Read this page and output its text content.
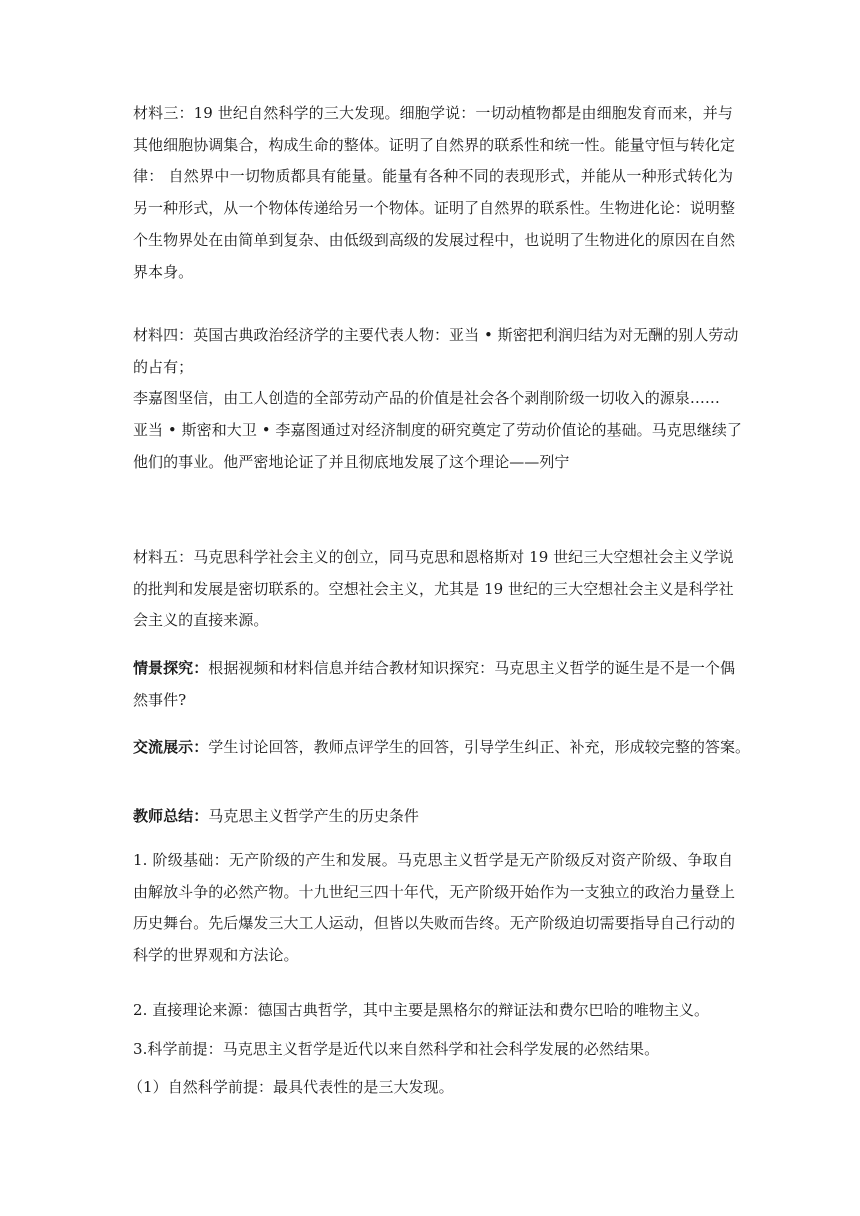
材料三：19 世纪自然科学的三大发现。细胞学说：一切动植物都是由细胞发育而来，并与
其他细胞协调集合，构成生命的整体。证明了自然界的联系性和统一性。能量守恒与转化定
律： 自然界中一切物质都具有能量。能量有各种不同的表现形式，并能从一种形式转化为
另一种形式，从一个物体传递给另一个物体。证明了自然界的联系性。生物进化论：说明整
个生物界处在由简单到复杂、由低级到高级的发展过程中，也说明了生物进化的原因在自然
界本身。
材料四：英国古典政治经济学的主要代表人物：亚当 • 斯密把利润归结为对无酬的别人劳动
的占有；
李嘉图坚信，由工人创造的全部劳动产品的价值是社会各个剥削阶级一切收入的源泉……
亚当 • 斯密和大卫 • 李嘉图通过对经济制度的研究奠定了劳动价值论的基础。马克思继续了
他们的事业。他严密地论证了并且彻底地发展了这个理论——列宁
材料五：马克思科学社会主义的创立，同马克思和恩格斯对 19 世纪三大空想社会主义学说
的批判和发展是密切联系的。空想社会主义，尤其是 19 世纪的三大空想社会主义是科学社
会主义的直接来源。
情景探究：根据视频和材料信息并结合教材知识探究：马克思主义哲学的诞生是不是一个偶
然事件?
交流展示：学生讨论回答，教师点评学生的回答，引导学生纠正、补充，形成较完整的答案。
教师总结：马克思主义哲学产生的历史条件
1. 阶级基础：无产阶级的产生和发展。马克思主义哲学是无产阶级反对资产阶级、争取自
由解放斗争的必然产物。十九世纪三四十年代，无产阶级开始作为一支独立的政治力量登上
历史舞台。先后爆发三大工人运动，但皆以失败而告终。无产阶级迫切需要指导自己行动的
科学的世界观和方法论。
2. 直接理论来源：德国古典哲学，其中主要是黑格尔的辩证法和费尔巴哈的唯物主义。
3.科学前提：马克思主义哲学是近代以来自然科学和社会科学发展的必然结果。
（1）自然科学前提：最具代表性的是三大发现。
